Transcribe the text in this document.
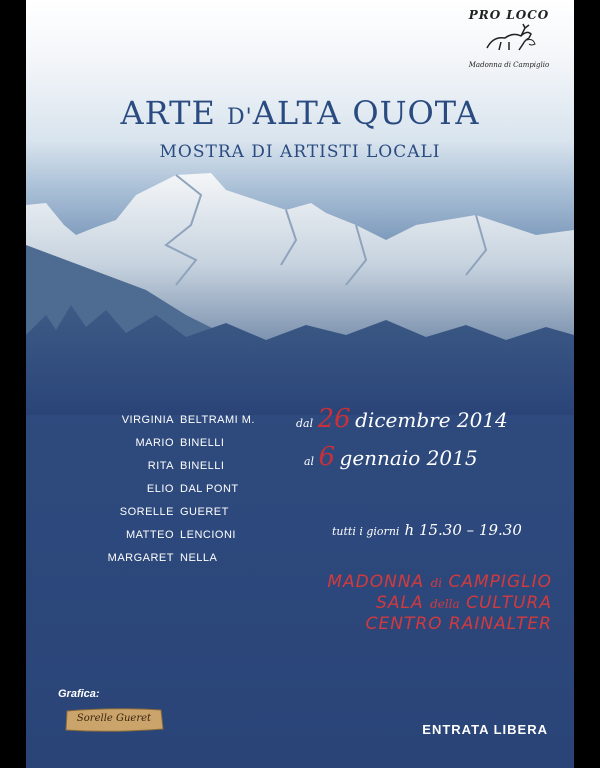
PRO LOCO
Madonna di Campiglio
ARTE D'ALTA QUOTA
MOSTRA DI ARTISTI LOCALI
VIRGINIA BELTRAMI M.
MARIO BINELLI
RITA BINELLI
ELIO DAL PONT
SORELLE GUERET
MATTEO LENCIONI
MARGARET NELLA
dal 26 dicembre 2014
al 6 gennaio 2015
tutti i giorni h 15.30 – 19.30
MADONNA di CAMPIGLIO
SALA della CULTURA
CENTRO RAINALTER
Grafica:
Sorelle Gueret
ENTRATA LIBERA
